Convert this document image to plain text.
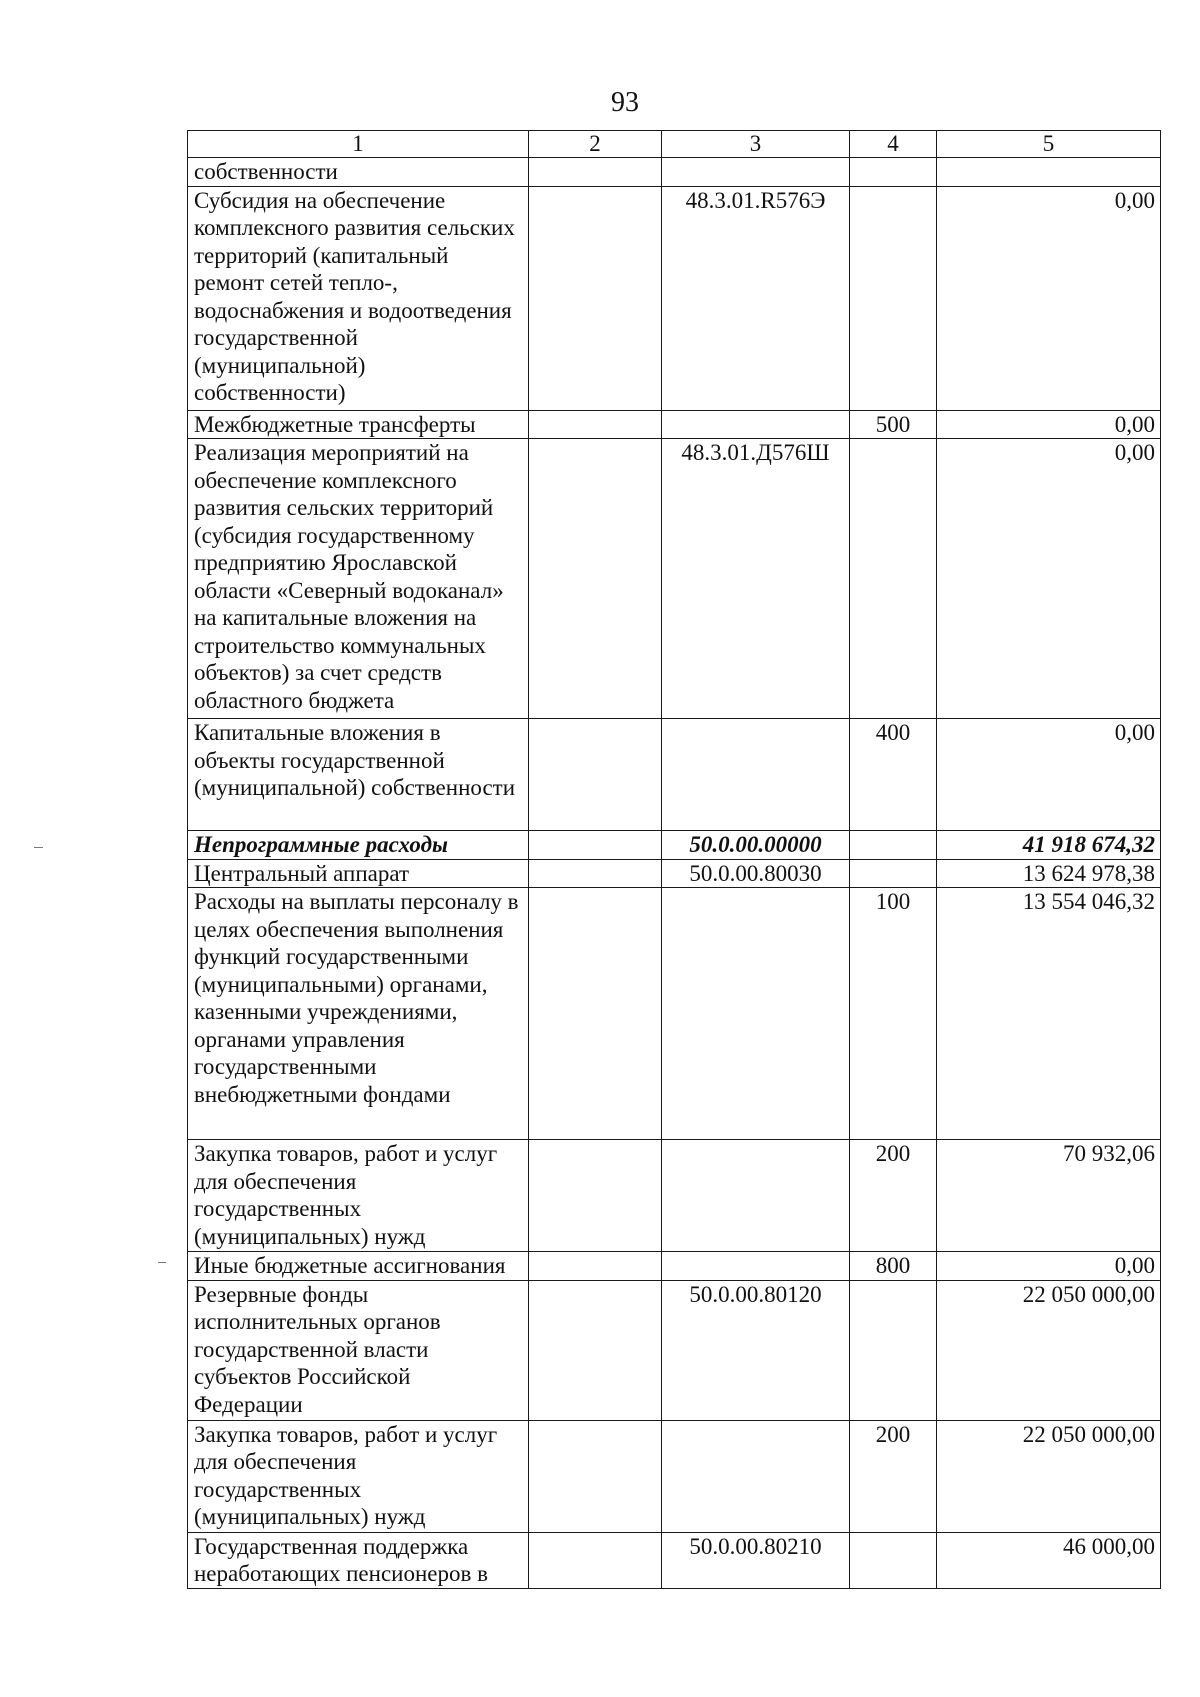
93
1	2	3	4	5
собственности				
Субсидия на обеспечение комплексного развития сельских территорий (капитальный ремонт сетей тепло-, водоснабжения и водоотведения государственной (муниципальной) собственности)		48.3.01.R576Э		0,00
Межбюджетные трансферты			500	0,00
Реализация мероприятий на обеспечение комплексного развития сельских территорий (субсидия государственному предприятию Ярославской области «Северный водоканал» на капитальные вложения на строительство коммунальных объектов) за счет средств областного бюджета		48.3.01.Д576Ш		0,00
Капитальные вложения в объекты государственной (муниципальной) собственности			400	0,00
Непрограммные расходы		50.0.00.00000		41 918 674,32
Центральный аппарат		50.0.00.80030		13 624 978,38
Расходы на выплаты персоналу в целях обеспечения выполнения функций государственными (муниципальными) органами, казенными учреждениями, органами управления государственными внебюджетными фондами			100	13 554 046,32
Закупка товаров, работ и услуг для обеспечения государственных (муниципальных) нужд			200	70 932,06
Иные бюджетные ассигнования			800	0,00
Резервные фонды исполнительных органов государственной власти субъектов Российской Федерации		50.0.00.80120		22 050 000,00
Закупка товаров, работ и услуг для обеспечения государственных (муниципальных) нужд			200	22 050 000,00
Государственная поддержка неработающих пенсионеров в		50.0.00.80210		46 000,00
